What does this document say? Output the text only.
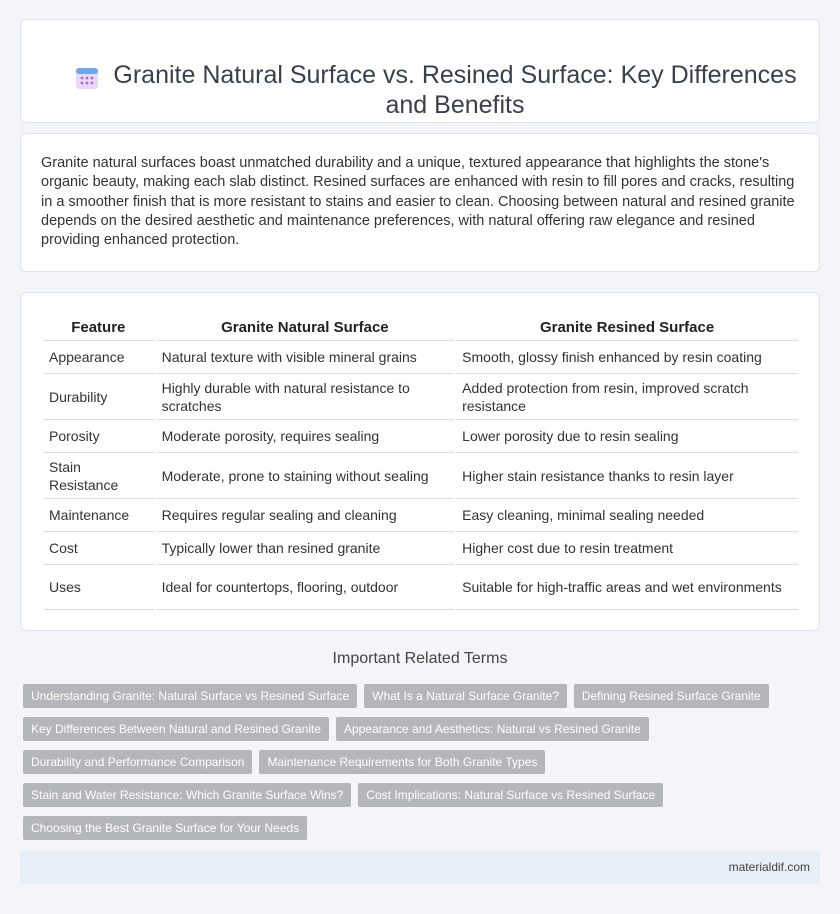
Granite Natural Surface vs. Resined Surface: Key Differences and Benefits

Granite natural surfaces boast unmatched durability and a unique, textured appearance that highlights the stone's organic beauty, making each slab distinct. Resined surfaces are enhanced with resin to fill pores and cracks, resulting in a smoother finish that is more resistant to stains and easier to clean. Choosing between natural and resined granite depends on the desired aesthetic and maintenance preferences, with natural offering raw elegance and resined providing enhanced protection.

Feature	Granite Natural Surface	Granite Resined Surface
Appearance	Natural texture with visible mineral grains	Smooth, glossy finish enhanced by resin coating
Durability	Highly durable with natural resistance to scratches	Added protection from resin, improved scratch resistance
Porosity	Moderate porosity, requires sealing	Lower porosity due to resin sealing
Stain Resistance	Moderate, prone to staining without sealing	Higher stain resistance thanks to resin layer
Maintenance	Requires regular sealing and cleaning	Easy cleaning, minimal sealing needed
Cost	Typically lower than resined granite	Higher cost due to resin treatment
Uses	Ideal for countertops, flooring, outdoor	Suitable for high-traffic areas and wet environments
Important Related Terms
Understanding Granite: Natural Surface vs Resined Surface What Is a Natural Surface Granite? Defining Resined Surface Granite
Key Differences Between Natural and Resined Granite Appearance and Aesthetics: Natural vs Resined Granite
Durability and Performance Comparison Maintenance Requirements for Both Granite Types
Stain and Water Resistance: Which Granite Surface Wins? Cost Implications: Natural Surface vs Resined Surface
Choosing the Best Granite Surface for Your Needs
materialdif.com
